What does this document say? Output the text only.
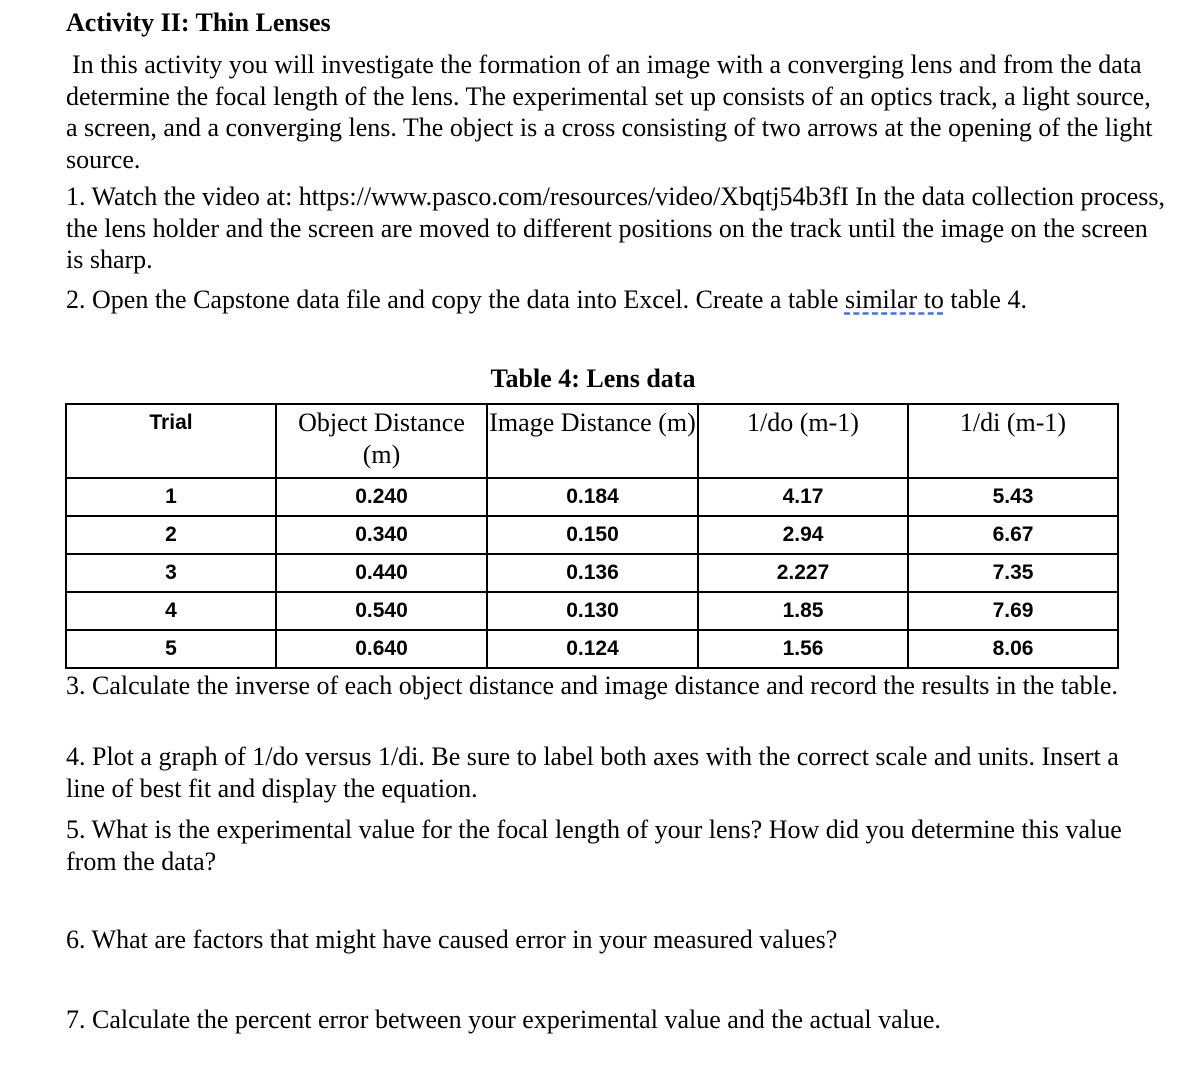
Activity II: Thin Lenses
In this activity you will investigate the formation of an image with a converging lens and from the data determine the focal length of the lens. The experimental set up consists of an optics track, a light source, a screen, and a converging lens. The object is a cross consisting of two arrows at the opening of the light source.
1. Watch the video at: https://www.pasco.com/resources/video/Xbqtj54b3fI In the data collection process, the lens holder and the screen are moved to different positions on the track until the image on the screen is sharp.
2. Open the Capstone data file and copy the data into Excel. Create a table similar to table 4.
Table 4: Lens data
Trial	Object Distance (m)	Image Distance (m)	1/do (m-1)	1/di (m-1)
1	0.240	0.184	4.17	5.43
2	0.340	0.150	2.94	6.67
3	0.440	0.136	2.227	7.35
4	0.540	0.130	1.85	7.69
5	0.640	0.124	1.56	8.06
3. Calculate the inverse of each object distance and image distance and record the results in the table.
4. Plot a graph of 1/do versus 1/di. Be sure to label both axes with the correct scale and units. Insert a line of best fit and display the equation.
5. What is the experimental value for the focal length of your lens? How did you determine this value from the data?
6. What are factors that might have caused error in your measured values?
7. Calculate the percent error between your experimental value and the actual value.
